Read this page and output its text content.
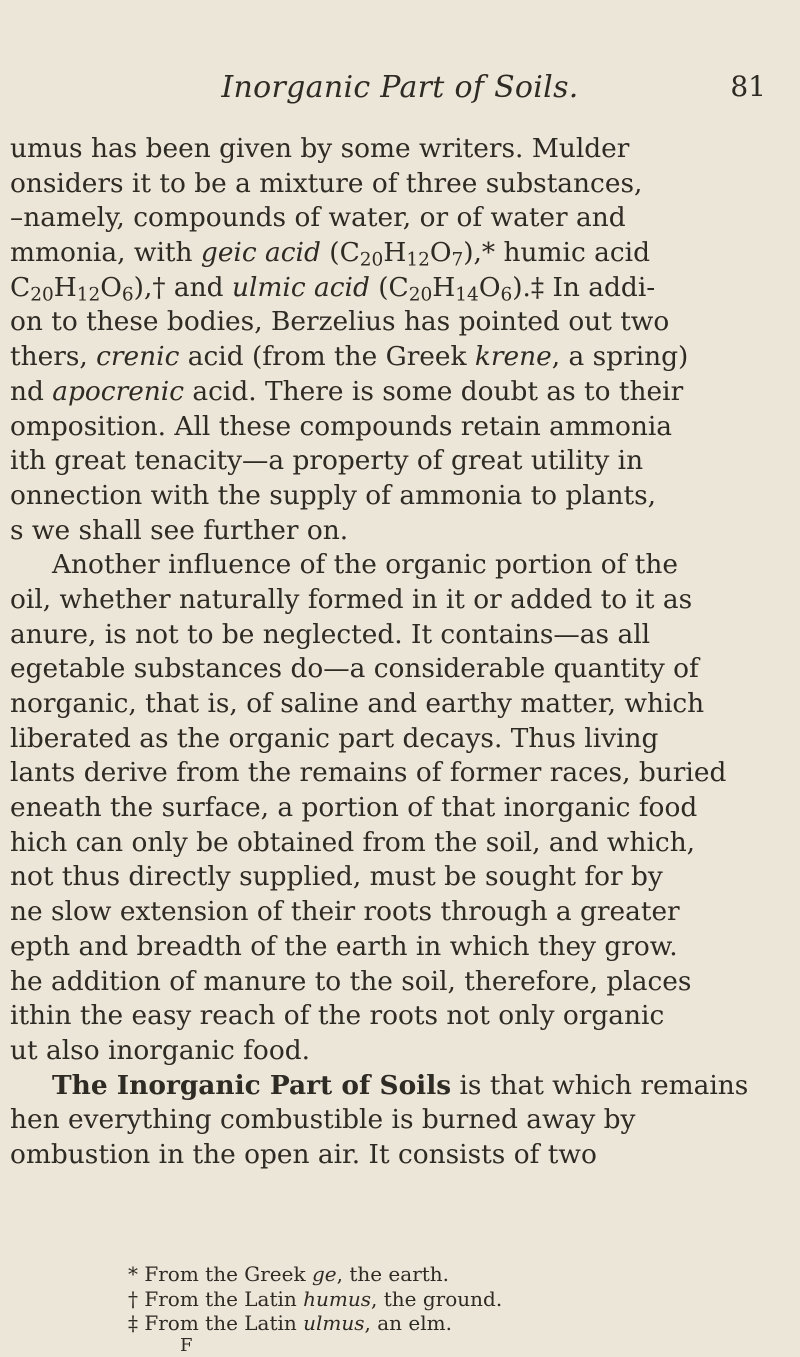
Inorganic Part of Soils.	81
umus has been given by some writers. Mulder
onsiders it to be a mixture of three substances,
–namely, compounds of water, or of water and
mmonia, with geic acid $(C_{20}H_{12}O_7),*$ humic acid
$C_{20}H_{12}O_6),\dagger$ and ulmic acid $(C_{20}H_{14}O_6).\ddagger$ In addi-
on to these bodies, Berzelius has pointed out two
thers, crenic acid (from the Greek krene, a spring)
nd apocrenic acid. There is some doubt as to their
omposition. All these compounds retain ammonia
ith great tenacity—a property of great utility in
onnection with the supply of ammonia to plants,
s we shall see further on.
Another influence of the organic portion of the
oil, whether naturally formed in it or added to it as
anure, is not to be neglected. It contains—as all
egetable substances do—a considerable quantity of
norganic, that is, of saline and earthy matter, which
liberated as the organic part decays. Thus living
lants derive from the remains of former races, buried
eneath the surface, a portion of that inorganic food
hich can only be obtained from the soil, and which,
not thus directly supplied, must be sought for by
ne slow extension of their roots through a greater
epth and breadth of the earth in which they grow.
he addition of manure to the soil, therefore, places
ithin the easy reach of the roots not only organic
ut also inorganic food.
The Inorganic Part of Soils is that which remains
hen everything combustible is burned away by
ombustion in the open air. It consists of two
* From the Greek ge, the earth.
† From the Latin humus, the ground.
‡ From the Latin ulmus, an elm.
F
